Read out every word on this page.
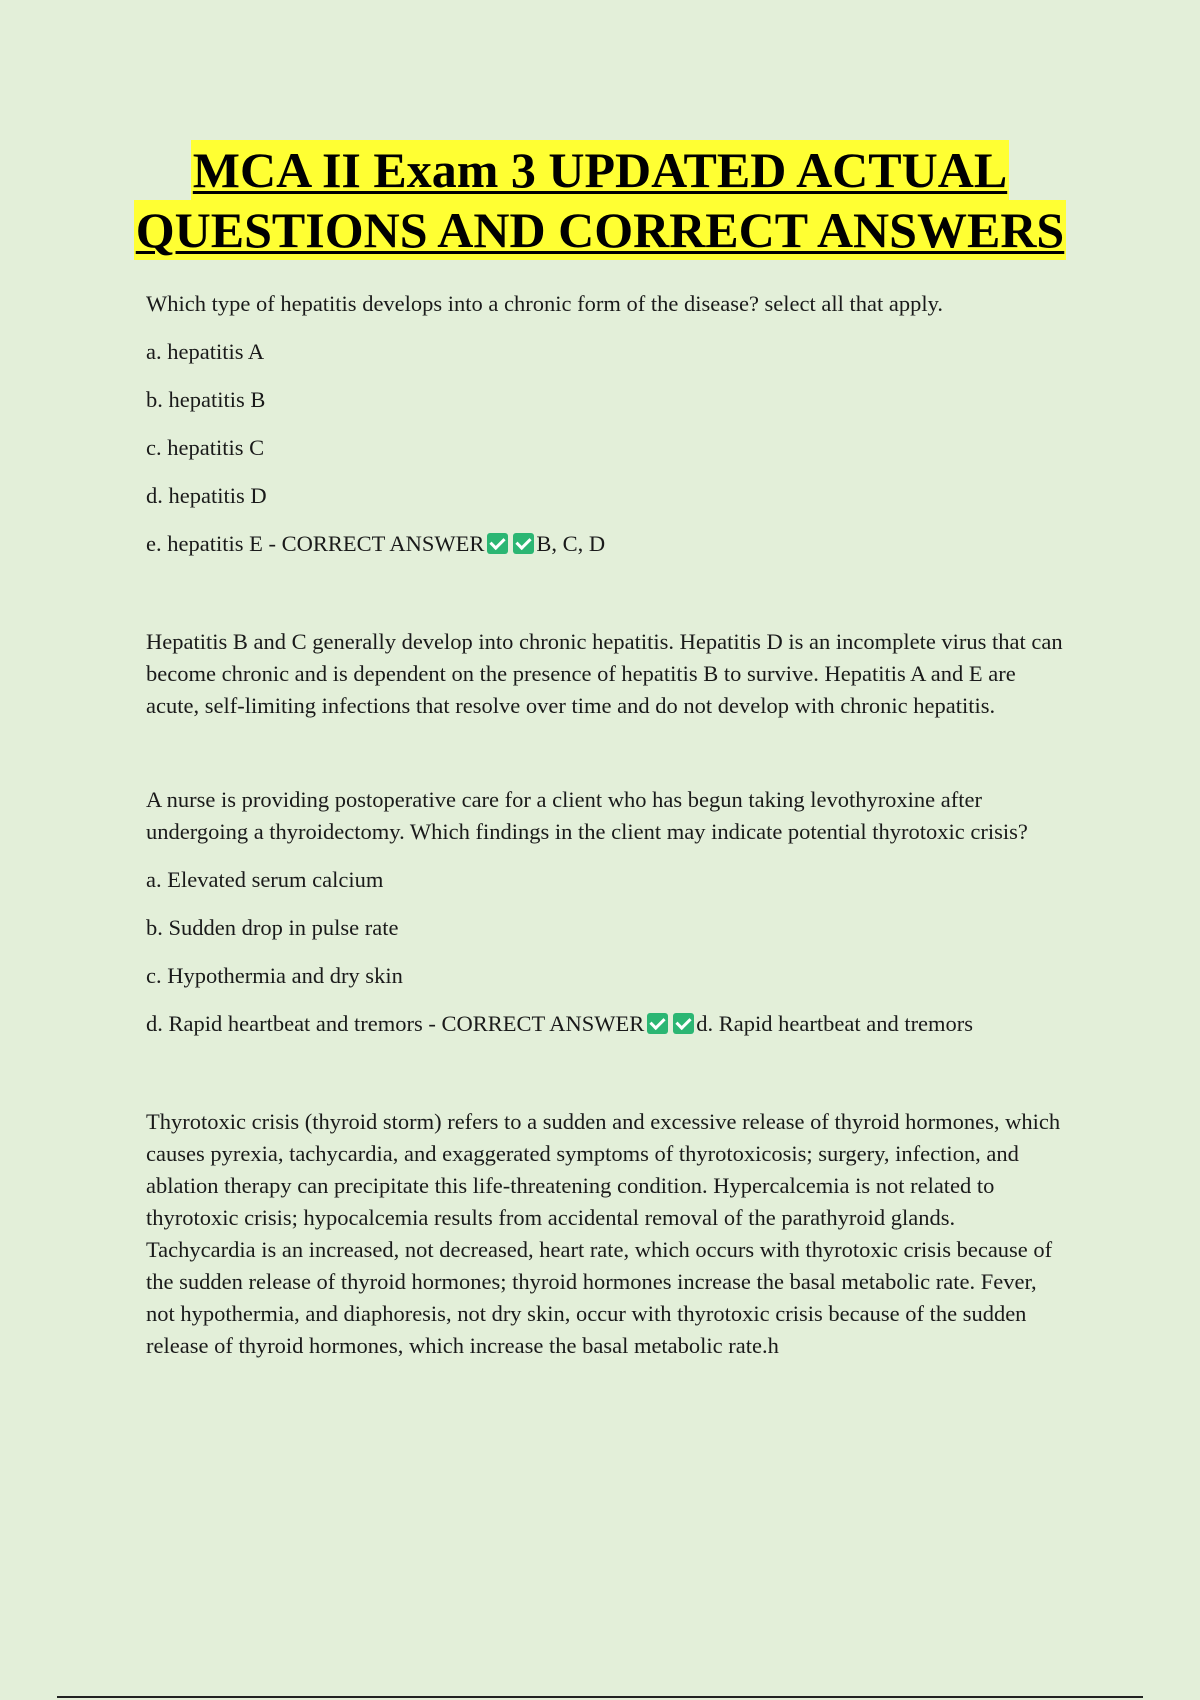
MCA II Exam 3 UPDATED ACTUAL
QUESTIONS AND CORRECT ANSWERS

Which type of hepatitis develops into a chronic form of the disease? select all that apply.

a. hepatitis A

b. hepatitis B

c. hepatitis C

d. hepatitis D

e. hepatitis E - CORRECT ANSWER B, C, D

Hepatitis B and C generally develop into chronic hepatitis. Hepatitis D is an incomplete virus that can become chronic and is dependent on the presence of hepatitis B to survive. Hepatitis A and E are acute, self-limiting infections that resolve over time and do not develop with chronic hepatitis.

A nurse is providing postoperative care for a client who has begun taking levothyroxine after undergoing a thyroidectomy. Which findings in the client may indicate potential thyrotoxic crisis?

a. Elevated serum calcium

b. Sudden drop in pulse rate

c. Hypothermia and dry skin

d. Rapid heartbeat and tremors - CORRECT ANSWER d. Rapid heartbeat and tremors

Thyrotoxic crisis (thyroid storm) refers to a sudden and excessive release of thyroid hormones, which causes pyrexia, tachycardia, and exaggerated symptoms of thyrotoxicosis; surgery, infection, and ablation therapy can precipitate this life-threatening condition. Hypercalcemia is not related to thyrotoxic crisis; hypocalcemia results from accidental removal of the parathyroid glands. Tachycardia is an increased, not decreased, heart rate, which occurs with thyrotoxic crisis because of the sudden release of thyroid hormones; thyroid hormones increase the basal metabolic rate. Fever, not hypothermia, and diaphoresis, not dry skin, occur with thyrotoxic crisis because of the sudden release of thyroid hormones, which increase the basal metabolic rate.h
